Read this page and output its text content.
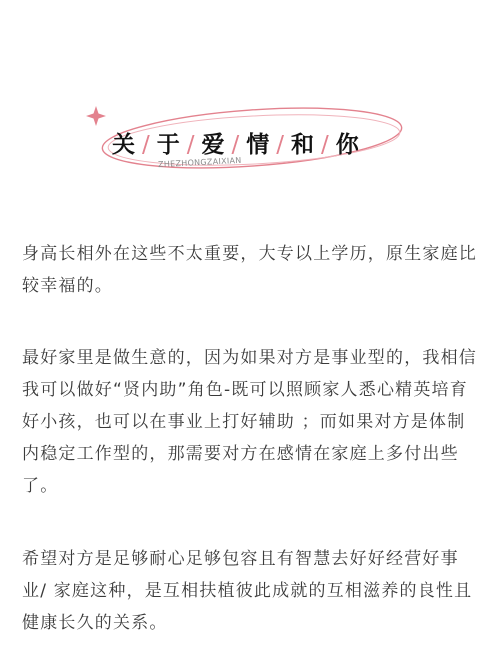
关 / 于 / 爱 / 情 / 和 / 你
ZHEZHONGZAIXIAN

身高长相外在这些不太重要，大专以上学历，原生家庭比较幸福的。

最好家里是做生意的，因为如果对方是事业型的，我相信我可以做好“贤内助”角色-既可以照顾家人悉心精英培育好小孩，也可以在事业上打好辅助 ；而如果对方是体制内稳定工作型的，那需要对方在感情在家庭上多付出些了。

希望对方是足够耐心足够包容且有智慧去好好经营好事业/ 家庭这种，是互相扶植彼此成就的互相滋养的良性且健康长久的关系。
